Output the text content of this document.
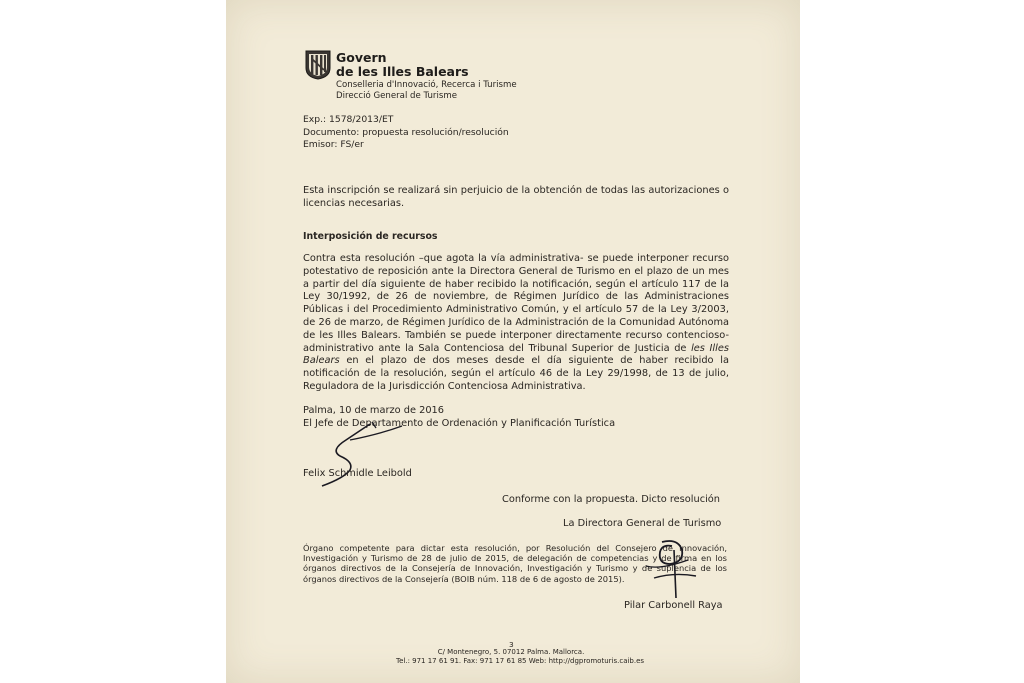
Govern
de les Illes Balears
Conselleria d'Innovació, Recerca i Turisme
Direcció General de Turisme
Exp.: 1578/2013/ET
Documento: propuesta resolución/resolución
Emisor: FS/er
Esta inscripción se realizará sin perjuicio de la obtención de todas las autorizaciones o licencias necesarias.
Interposición de recursos
Contra esta resolución –que agota la vía administrativa- se puede interponer recurso potestativo de reposición ante la Directora General de Turismo en el plazo de un mes a partir del día siguiente de haber recibido la notificación, según el artículo 117 de la Ley 30/1992, de 26 de noviembre, de Régimen Jurídico de las Administraciones Públicas i del Procedimiento Administrativo Común, y el artículo 57 de la Ley 3/2003, de 26 de marzo, de Régimen Jurídico de la Administración de la Comunidad Autónoma de les Illes Balears. También se puede interponer directamente recurso contencioso-administrativo ante la Sala Contenciosa del Tribunal Superior de Justicia de les Illes Balears en el plazo de dos meses desde el día siguiente de haber recibido la notificación de la resolución, según el artículo 46 de la Ley 29/1998, de 13 de julio, Reguladora de la Jurisdicción Contenciosa Administrativa.
Palma, 10 de marzo de 2016
El Jefe de Departamento de Ordenación y Planificación Turística
Felix Schmidle Leibold
Conforme con la propuesta. Dicto resolución
La Directora General de Turismo
Órgano competente para dictar esta resolución, por Resolución del Consejero de Innovación, Investigación y Turismo de 28 de julio de 2015, de delegación de competencias y de firma en los órganos directivos de la Consejería de Innovación, Investigación y Turismo y de suplencia de los órganos directivos de la Consejería (BOIB núm. 118 de 6 de agosto de 2015).
Pilar Carbonell Raya
3
C/ Montenegro, 5. 07012 Palma. Mallorca.
Tel.: 971 17 61 91. Fax: 971 17 61 85 Web: http://dgpromoturis.caib.es
